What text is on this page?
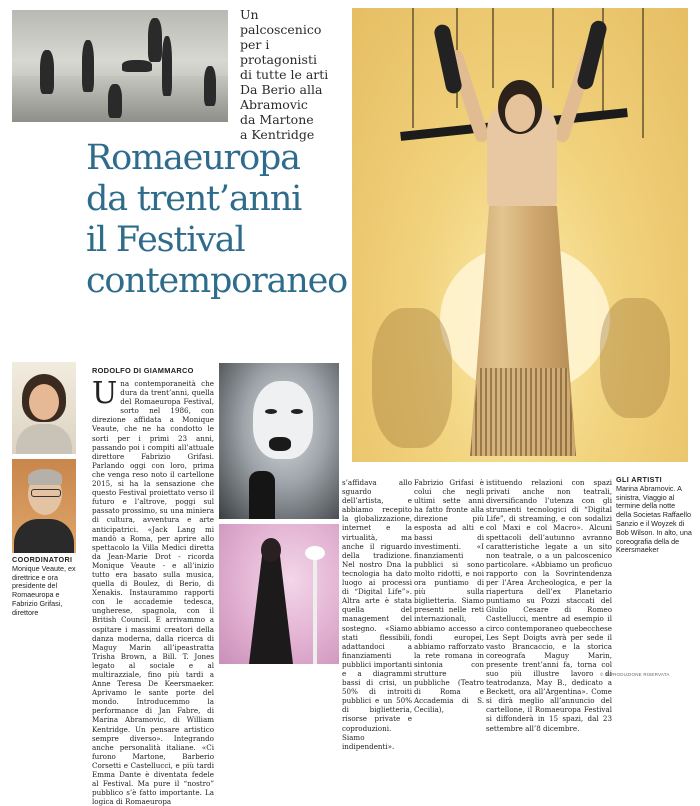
Un palcoscenico
per i protagonisti
di tutte le arti
Da Berio alla
Abramovic
da Martone
a Kentridge
Romaeuropa
da trent’anni
il Festival
contemporaneo
COORDINATORI
Monique Veaute, ex direttrice e ora presidente del Romaeuropa e Fabrizio Grifasi, direttore
RODOLFO DI GIAMMARCO
U na contemporaneità che dura da trent’anni, quella del Romaeuropa Festival, sorto nel 1986, con direzione affidata a Monique Veaute, che ne ha condotto le sorti per i primi 23 anni, passando poi i compiti all’attuale direttore Fabrizio Grifasi. Parlando oggi con loro, prima che venga reso noto il cartellone 2015, si ha la sensazione che questo Festival proiettato verso il futuro e l’altrove, poggi sul passato prossimo, su una miniera di cultura, avventura e arte anticipatrici. «Jack Lang mi mandò a Roma, per aprire allo spettacolo la Villa Medici diretta da Jean-Marie Drot - ricorda Monique Veaute - e all’inizio tutto era basato sulla musica, quella di Boulez, di Berio, di Xenakis. Instaurammo rapporti con le accademie tedesca, ungherese, spagnola, con il British Council. E arrivammo a ospitare i massimi creatori della danza moderna, dalla ricerca di Maguy Marin all’ipeastratta Trisha Brown, a Bill. T. Jones legato al sociale e al multirazziale, fino più tardi a Anne Teresa De Keersmaeker. Aprivamo le sante porte del mondo. Introducemmo la performance di Jan Fabre, di Marina Abramovic, di William Kentridge. Un pensare artistico sempre diverso». Integrando anche personalità italiane. «Ci furono Martone, Barberio Corsetti e Castellucci, e più tardi Emma Dante è diventata fedele al Festival. Ma pure il “nostro” pubblico s’è fatto importante. La logica di Romaeuropa

s’affidava allo sguardo dell’artista, e abbiamo recepito la globalizzazione, internet e la virtualità, ma anche il riguardo della tradizione. Nel nostro Dna la tecnologia ha dato luogo ai processi di “Digital Life”». Altra arte è stata quella del management del sostegno. «Siamo stati flessibili, adattandoci a finanziamenti pubblici importanti e a diagrammi bassi di crisi, un 50% di introiti pubblici e un 50% di biglietteria, risorse private e coproduzioni. Siamo indipendenti».

Fabrizio Grifasi è colui che negli ultimi sette anni ha fatto fronte alla direzione più esposta ad alti e bassi di investimenti. «I finanziamenti pubblici si sono molto ridotti, e noi ora puntiamo di più sulla biglietteria. Siamo presenti nelle reti internazionali, abbiamo accesso a fondi europei, abbiamo rafforzato la rete romana in sintonia con strutture pubbliche (Teatro di Roma e Accademia di S. Cecilia),

istituendo relazioni con spazi privati anche non teatrali, diversificando l’utenza con gli strumenti tecnologici di “Digital Life”, di streaming, e con sodalizi col Maxi e col Macro». Alcuni spettacoli dell’autunno avranno caratteristiche legate a un sito non teatrale, o a un palcoscenico particolare. «Abbiamo un proficuo rapporto con la Sovrintendenza per l’Area Archeologica, e per la riapertura dell’ex Planetario puntiamo su Pozzi staccati del Giulio Cesare di Romeo Castellucci, mentre ad esempio il circo contemporaneo quebecchese Les Sept Doigts avrà per sede il vasto Brancaccio, e la storica coreografa Maguy Marin, presente trent’anni fa, torna col suo più illustre lavoro di teatrodanza, May B., dedicato a Beckett, ora all’Argentina». Come si dirà meglio all’annuncio del cartellone, il Romaeuropa Festival si diffonderà in 15 spazi, dal 23 settembre all’8 dicembre.

GLI ARTISTI
Marina Abramovic. A sinistra, Viaggio al termine della notte della Societas Raffaello Sanzio e il Woyzek di Bob Wilson. In alto, una coreografia della de Keersmaeker
© RIPRODUZIONE RISERVATA
